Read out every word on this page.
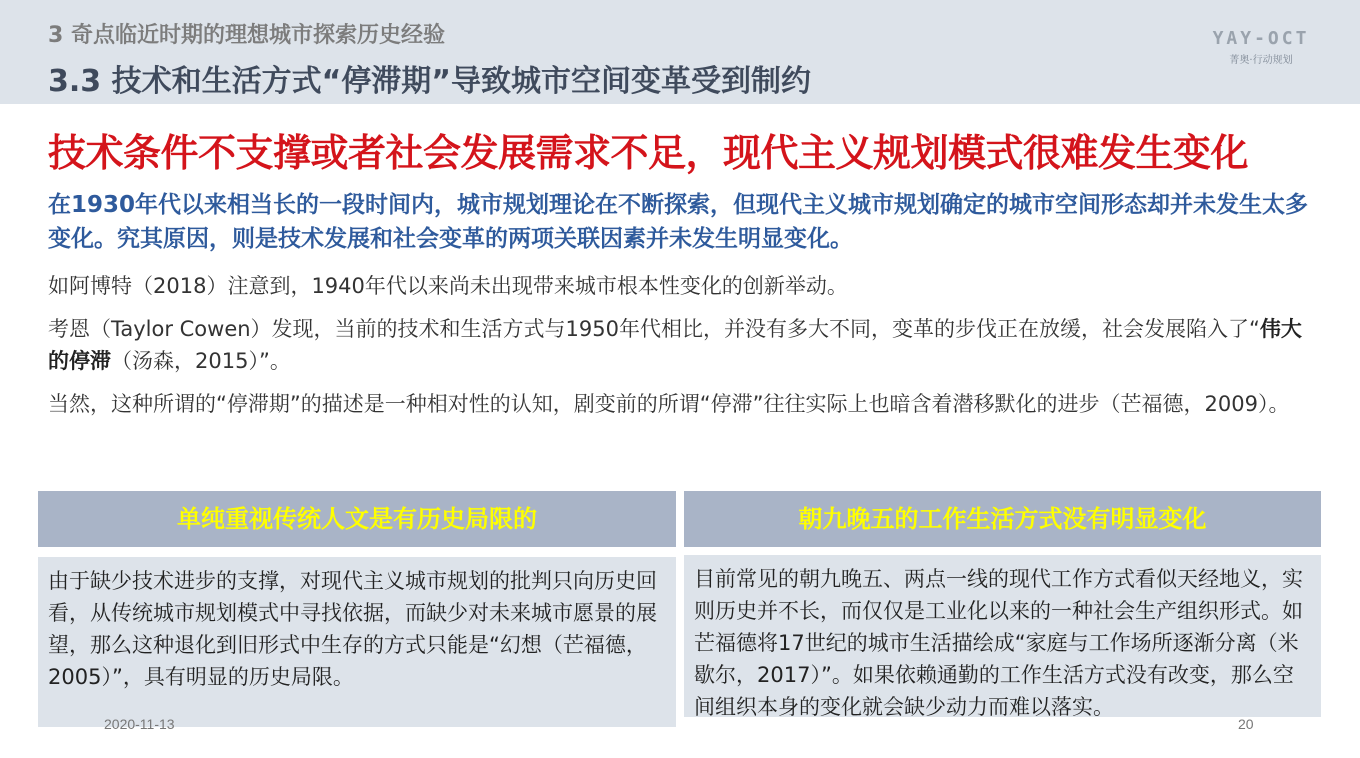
3 奇点临近时期的理想城市探索历史经验
3.3 技术和生活方式“停滞期”导致城市空间变革受到制约
YAY-OCT
菁奥·行动规划
技术条件不支撑或者社会发展需求不足，现代主义规划模式很难发生变化
在1930年代以来相当长的一段时间内，城市规划理论在不断探索，但现代主义城市规划确定的城市空间形态却并未发生太多变化。究其原因，则是技术发展和社会变革的两项关联因素并未发生明显变化。
如阿博特（2018）注意到，1940年代以来尚未出现带来城市根本性变化的创新举动。
考恩（Taylor Cowen）发现，当前的技术和生活方式与1950年代相比，并没有多大不同，变革的步伐正在放缓，社会发展陷入了“伟大的停滞（汤森，2015）”。
当然，这种所谓的“停滞期”的描述是一种相对性的认知，剧变前的所谓“停滞”往往实际上也暗含着潜移默化的进步（芒福德，2009）。
单纯重视传统人文是有历史局限的
由于缺少技术进步的支撑，对现代主义城市规划的批判只向历史回看，从传统城市规划模式中寻找依据，而缺少对未来城市愿景的展望，那么这种退化到旧形式中生存的方式只能是“幻想（芒福德，2005）”，具有明显的历史局限。
朝九晚五的工作生活方式没有明显变化
目前常见的朝九晚五、两点一线的现代工作方式看似天经地义，实则历史并不长，而仅仅是工业化以来的一种社会生产组织形式。如芒福德将17世纪的城市生活描绘成“家庭与工作场所逐渐分离（米歇尔，2017）”。如果依赖通勤的工作生活方式没有改变，那么空间组织本身的变化就会缺少动力而难以落实。
2020-11-13	20
